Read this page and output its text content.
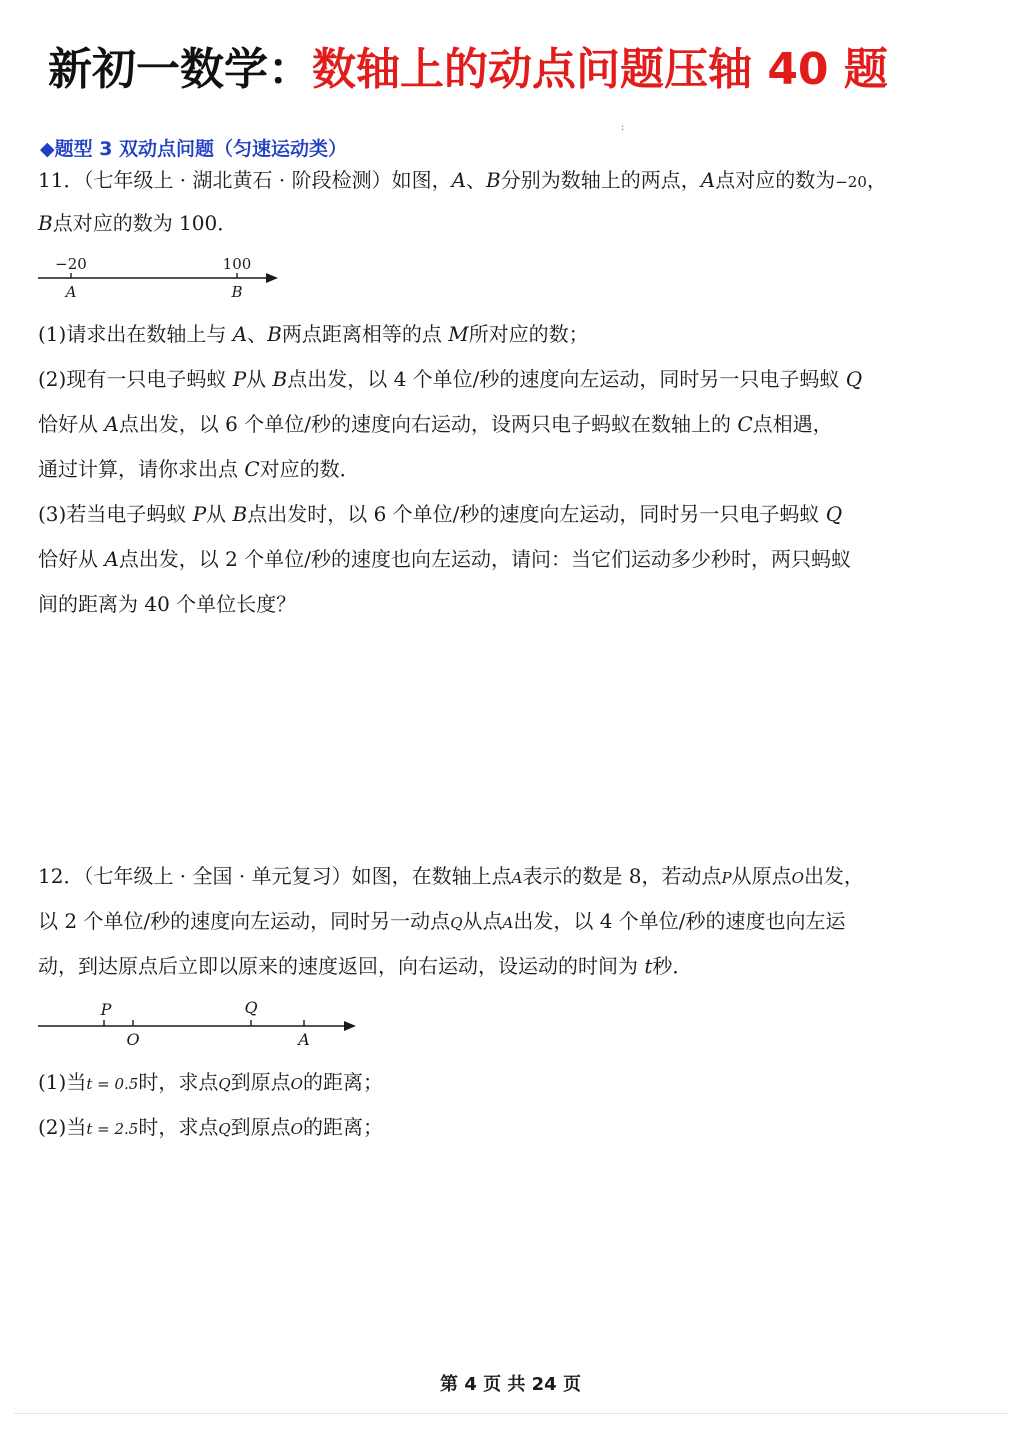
新初一数学：数轴上的动点问题压轴 40 题
:
◆题型 3 双动点问题（匀速运动类）
11．（七年级上 · 湖北黄石 · 阶段检测）如图，A、B分别为数轴上的两点，A点对应的数为−20，
B点对应的数为 100．
−20	100
A	B
(1)请求出在数轴上与 A、B两点距离相等的点 M所对应的数；
(2)现有一只电子蚂蚁 P从 B点出发，以 4 个单位/秒的速度向左运动，同时另一只电子蚂蚁 Q
恰好从 A点出发，以 6 个单位/秒的速度向右运动，设两只电子蚂蚁在数轴上的 C点相遇，
通过计算，请你求出点 C对应的数．
(3)若当电子蚂蚁 P从 B点出发时，以 6 个单位/秒的速度向左运动，同时另一只电子蚂蚁 Q
恰好从 A点出发，以 2 个单位/秒的速度也向左运动，请问：当它们运动多少秒时，两只蚂蚁
间的距离为 40 个单位长度？
12．（七年级上 · 全国 · 单元复习）如图，在数轴上点A表示的数是 8，若动点P从原点O出发，
以 2 个单位/秒的速度向左运动，同时另一动点Q从点A出发，以 4 个单位/秒的速度也向左运
动，到达原点后立即以原来的速度返回，向右运动，设运动的时间为 t秒．
P	Q
O	A
(1)当t = 0.5时，求点Q到原点O的距离；
(2)当t = 2.5时，求点Q到原点O的距离；
第 4 页 共 24 页
